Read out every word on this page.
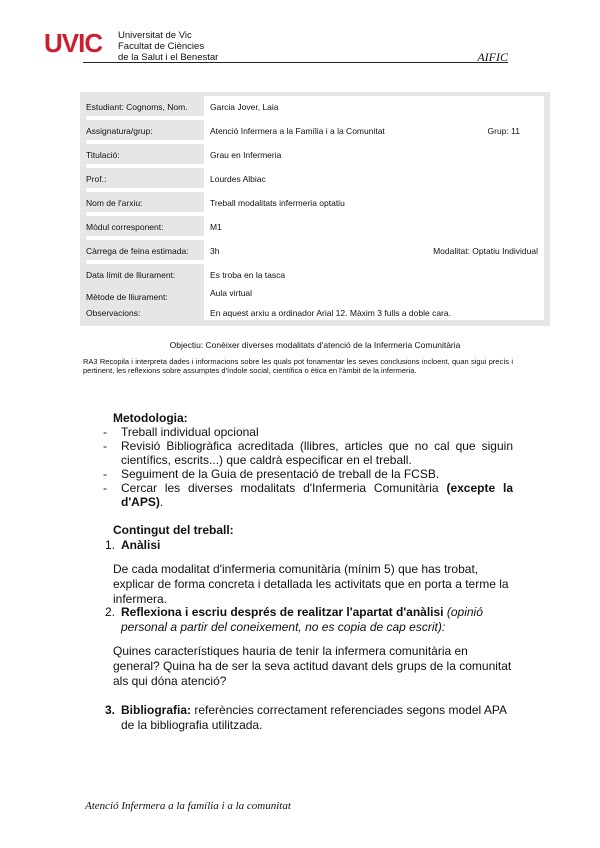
UVIC Universitat de Vic
Facultat de Ciències
de la Salut i el Benestar	AIFIC
Estudiant: Cognoms, Nom.	Garcia Jover, Laia
Assignatura/grup:	Atenció Infermera a la Família i a la Comunitat	Grup: 11
Titulació:	Grau en Infermeria
Prof.:	Lourdes Albiac
Nom de l'arxiu:	Treball modalitats infermeria optatiu
Mòdul corresponent:	M1
Càrrega de feina estimada:	3h	Modalitat: Optatiu Individual
Data límit de lliurament:	Es troba en la tasca
Mètode de lliurament:	Aula virtual
Observacions:	En aquest arxiu a ordinador Arial 12. Màxim 3 fulls a doble cara.
Objectiu: Conèixer diverses modalitats d'atenció de la Infermeria Comunitària
RA3 Recopila i interpreta dades i informacions sobre les quals pot fonamentar les seves conclusions incloent, quan sigui precís i pertinent, les reflexions sobre assumptes d'índole social, científica o ètica en l'àmbit de la infermeria.
Metodologia:
- Treball individual opcional
- Revisió Bibliogràfica acreditada (llibres, articles que no cal que siguin científics, escrits...) que caldrà especificar en el treball.
- Seguiment de la Guia de presentació de treball de la FCSB.
- Cercar les diverses modalitats d'Infermeria Comunitària (excepte la d'APS).
Contingut del treball:
1. Anàlisi
De cada modalitat d'infermeria comunitària (mínim 5) que has trobat, explicar de forma concreta i detallada les activitats que en porta a terme la infermera.
2. Reflexiona i escriu després de realitzar l'apartat d'anàlisi (opinió personal a partir del coneixement, no es copia de cap escrit):
Quines característiques hauria de tenir la infermera comunitària en general? Quina ha de ser la seva actitud davant dels grups de la comunitat als qui dóna atenció?
3. Bibliografia: referències correctament referenciades segons model APA de la bibliografia utilitzada.
Atenció Infermera a la família i a la comunitat
